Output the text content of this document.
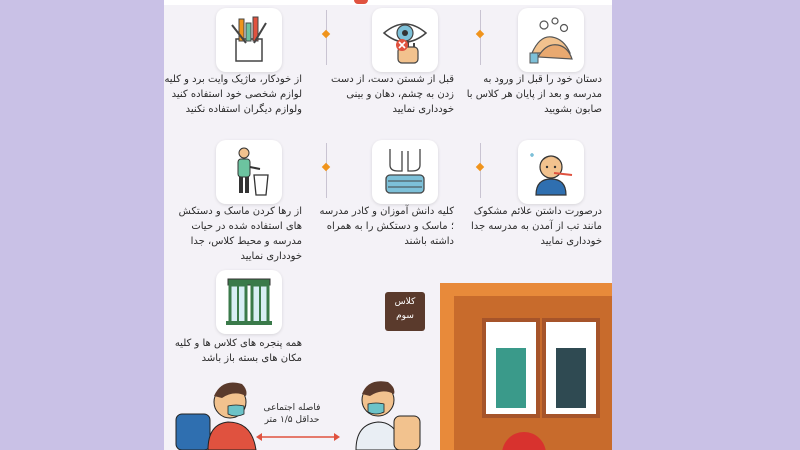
دستان خود را قبل از ورود به مدرسه و بعد از پایان هر کلاس با صابون بشویید
قبل از شستن دست، از دست زدن به چشم، دهان و بینی خودداری نمایید
از خودکار، ماژیک وایت برد و کلیه لوازم شخصی خود استفاده کنید ولوازم دیگران استفاده نکنید
درصورت داشتن علائم مشکوک مانند تب از آمدن به مدرسه جدا خودداری نمایید
کلیه دانش آموزان و کادر مدرسه ؛ ماسک و دستکش را به همراه داشته باشند
از رها کردن ماسک و دستکش های استفاده شده در حیات مدرسه و محیط کلاس، جدا خودداری نمایید
همه پنجره های کلاس ها و کلیه مکان های بسته باز باشد
کلاس
سوم
فاصله اجتماعی
حداقل ۱/۵ متر
